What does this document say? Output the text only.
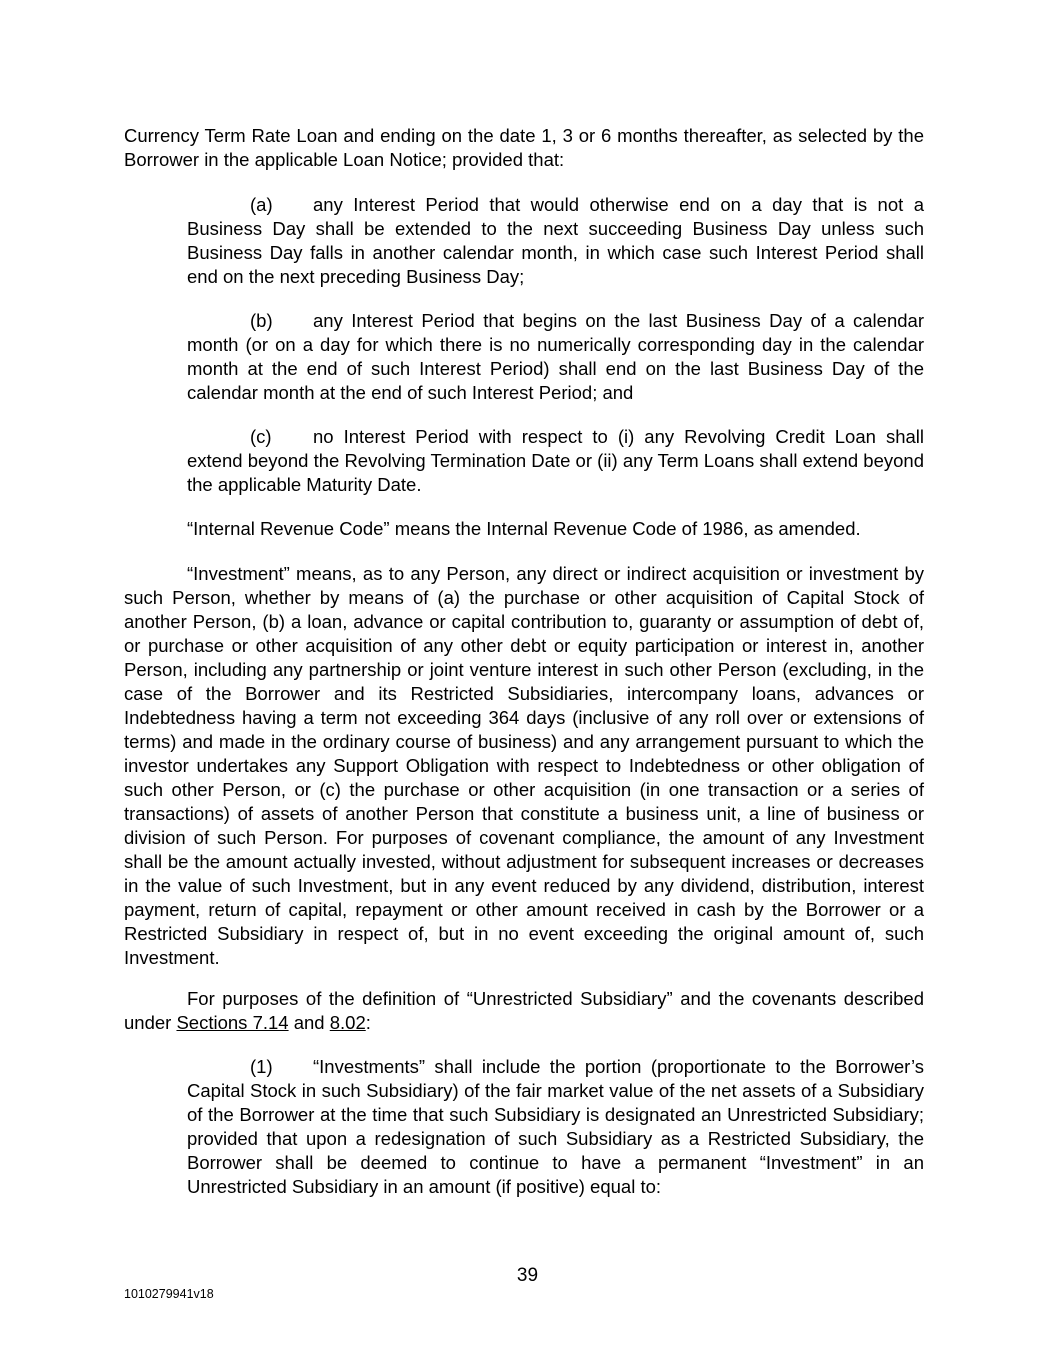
Currency Term Rate Loan and ending on the date 1, 3 or 6 months thereafter, as selected by the Borrower in the applicable Loan Notice; provided that:

(a) any Interest Period that would otherwise end on a day that is not a Business Day shall be extended to the next succeeding Business Day unless such Business Day falls in another calendar month, in which case such Interest Period shall end on the next preceding Business Day;

(b) any Interest Period that begins on the last Business Day of a calendar month (or on a day for which there is no numerically corresponding day in the calendar month at the end of such Interest Period) shall end on the last Business Day of the calendar month at the end of such Interest Period; and

(c) no Interest Period with respect to (i) any Revolving Credit Loan shall extend beyond the Revolving Termination Date or (ii) any Term Loans shall extend beyond the applicable Maturity Date.

“Internal Revenue Code” means the Internal Revenue Code of 1986, as amended.

“Investment” means, as to any Person, any direct or indirect acquisition or investment by such Person, whether by means of (a) the purchase or other acquisition of Capital Stock of another Person, (b) a loan, advance or capital contribution to, guaranty or assumption of debt of, or purchase or other acquisition of any other debt or equity participation or interest in, another Person, including any partnership or joint venture interest in such other Person (excluding, in the case of the Borrower and its Restricted Subsidiaries, intercompany loans, advances or Indebtedness having a term not exceeding 364 days (inclusive of any roll over or extensions of terms) and made in the ordinary course of business) and any arrangement pursuant to which the investor undertakes any Support Obligation with respect to Indebtedness or other obligation of such other Person, or (c) the purchase or other acquisition (in one transaction or a series of transactions) of assets of another Person that constitute a business unit, a line of business or division of such Person. For purposes of covenant compliance, the amount of any Investment shall be the amount actually invested, without adjustment for subsequent increases or decreases in the value of such Investment, but in any event reduced by any dividend, distribution, interest payment, return of capital, repayment or other amount received in cash by the Borrower or a Restricted Subsidiary in respect of, but in no event exceeding the original amount of, such Investment.

For purposes of the definition of “Unrestricted Subsidiary” and the covenants described under Sections 7.14 and 8.02:

(1) “Investments” shall include the portion (proportionate to the Borrower’s Capital Stock in such Subsidiary) of the fair market value of the net assets of a Subsidiary of the Borrower at the time that such Subsidiary is designated an Unrestricted Subsidiary; provided that upon a redesignation of such Subsidiary as a Restricted Subsidiary, the Borrower shall be deemed to continue to have a permanent “Investment” in an Unrestricted Subsidiary in an amount (if positive) equal to:

39
1010279941v18
